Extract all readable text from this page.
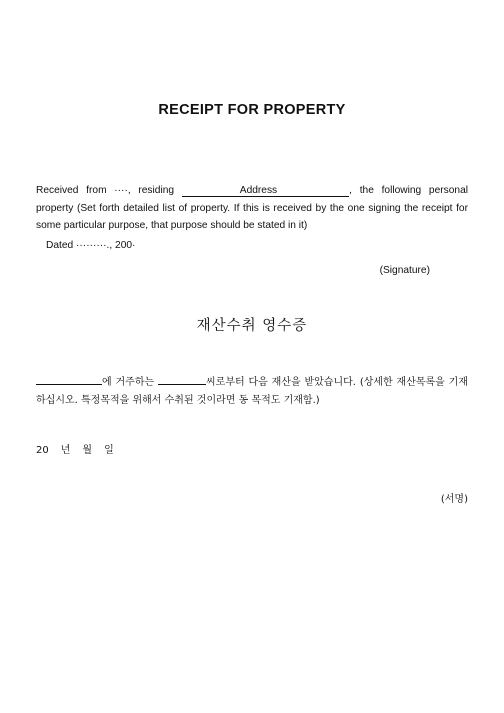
RECEIPT FOR PROPERTY

Received from ····, residing	Address	, the following personal property (Set forth detailed list of property. If this is received by the one signing the receipt for some particular purpose, that purpose should be stated in it)

Dated ·········., 200·

(Signature)

재산수취 영수증

에 거주하는	씨로부터 다음 재산을 받았습니다. (상세한 재산목록을 기재하십시오. 특정목적을 위해서 수취된 것이라면 동 목적도 기재함.)

20 년 월 일

(서명)
